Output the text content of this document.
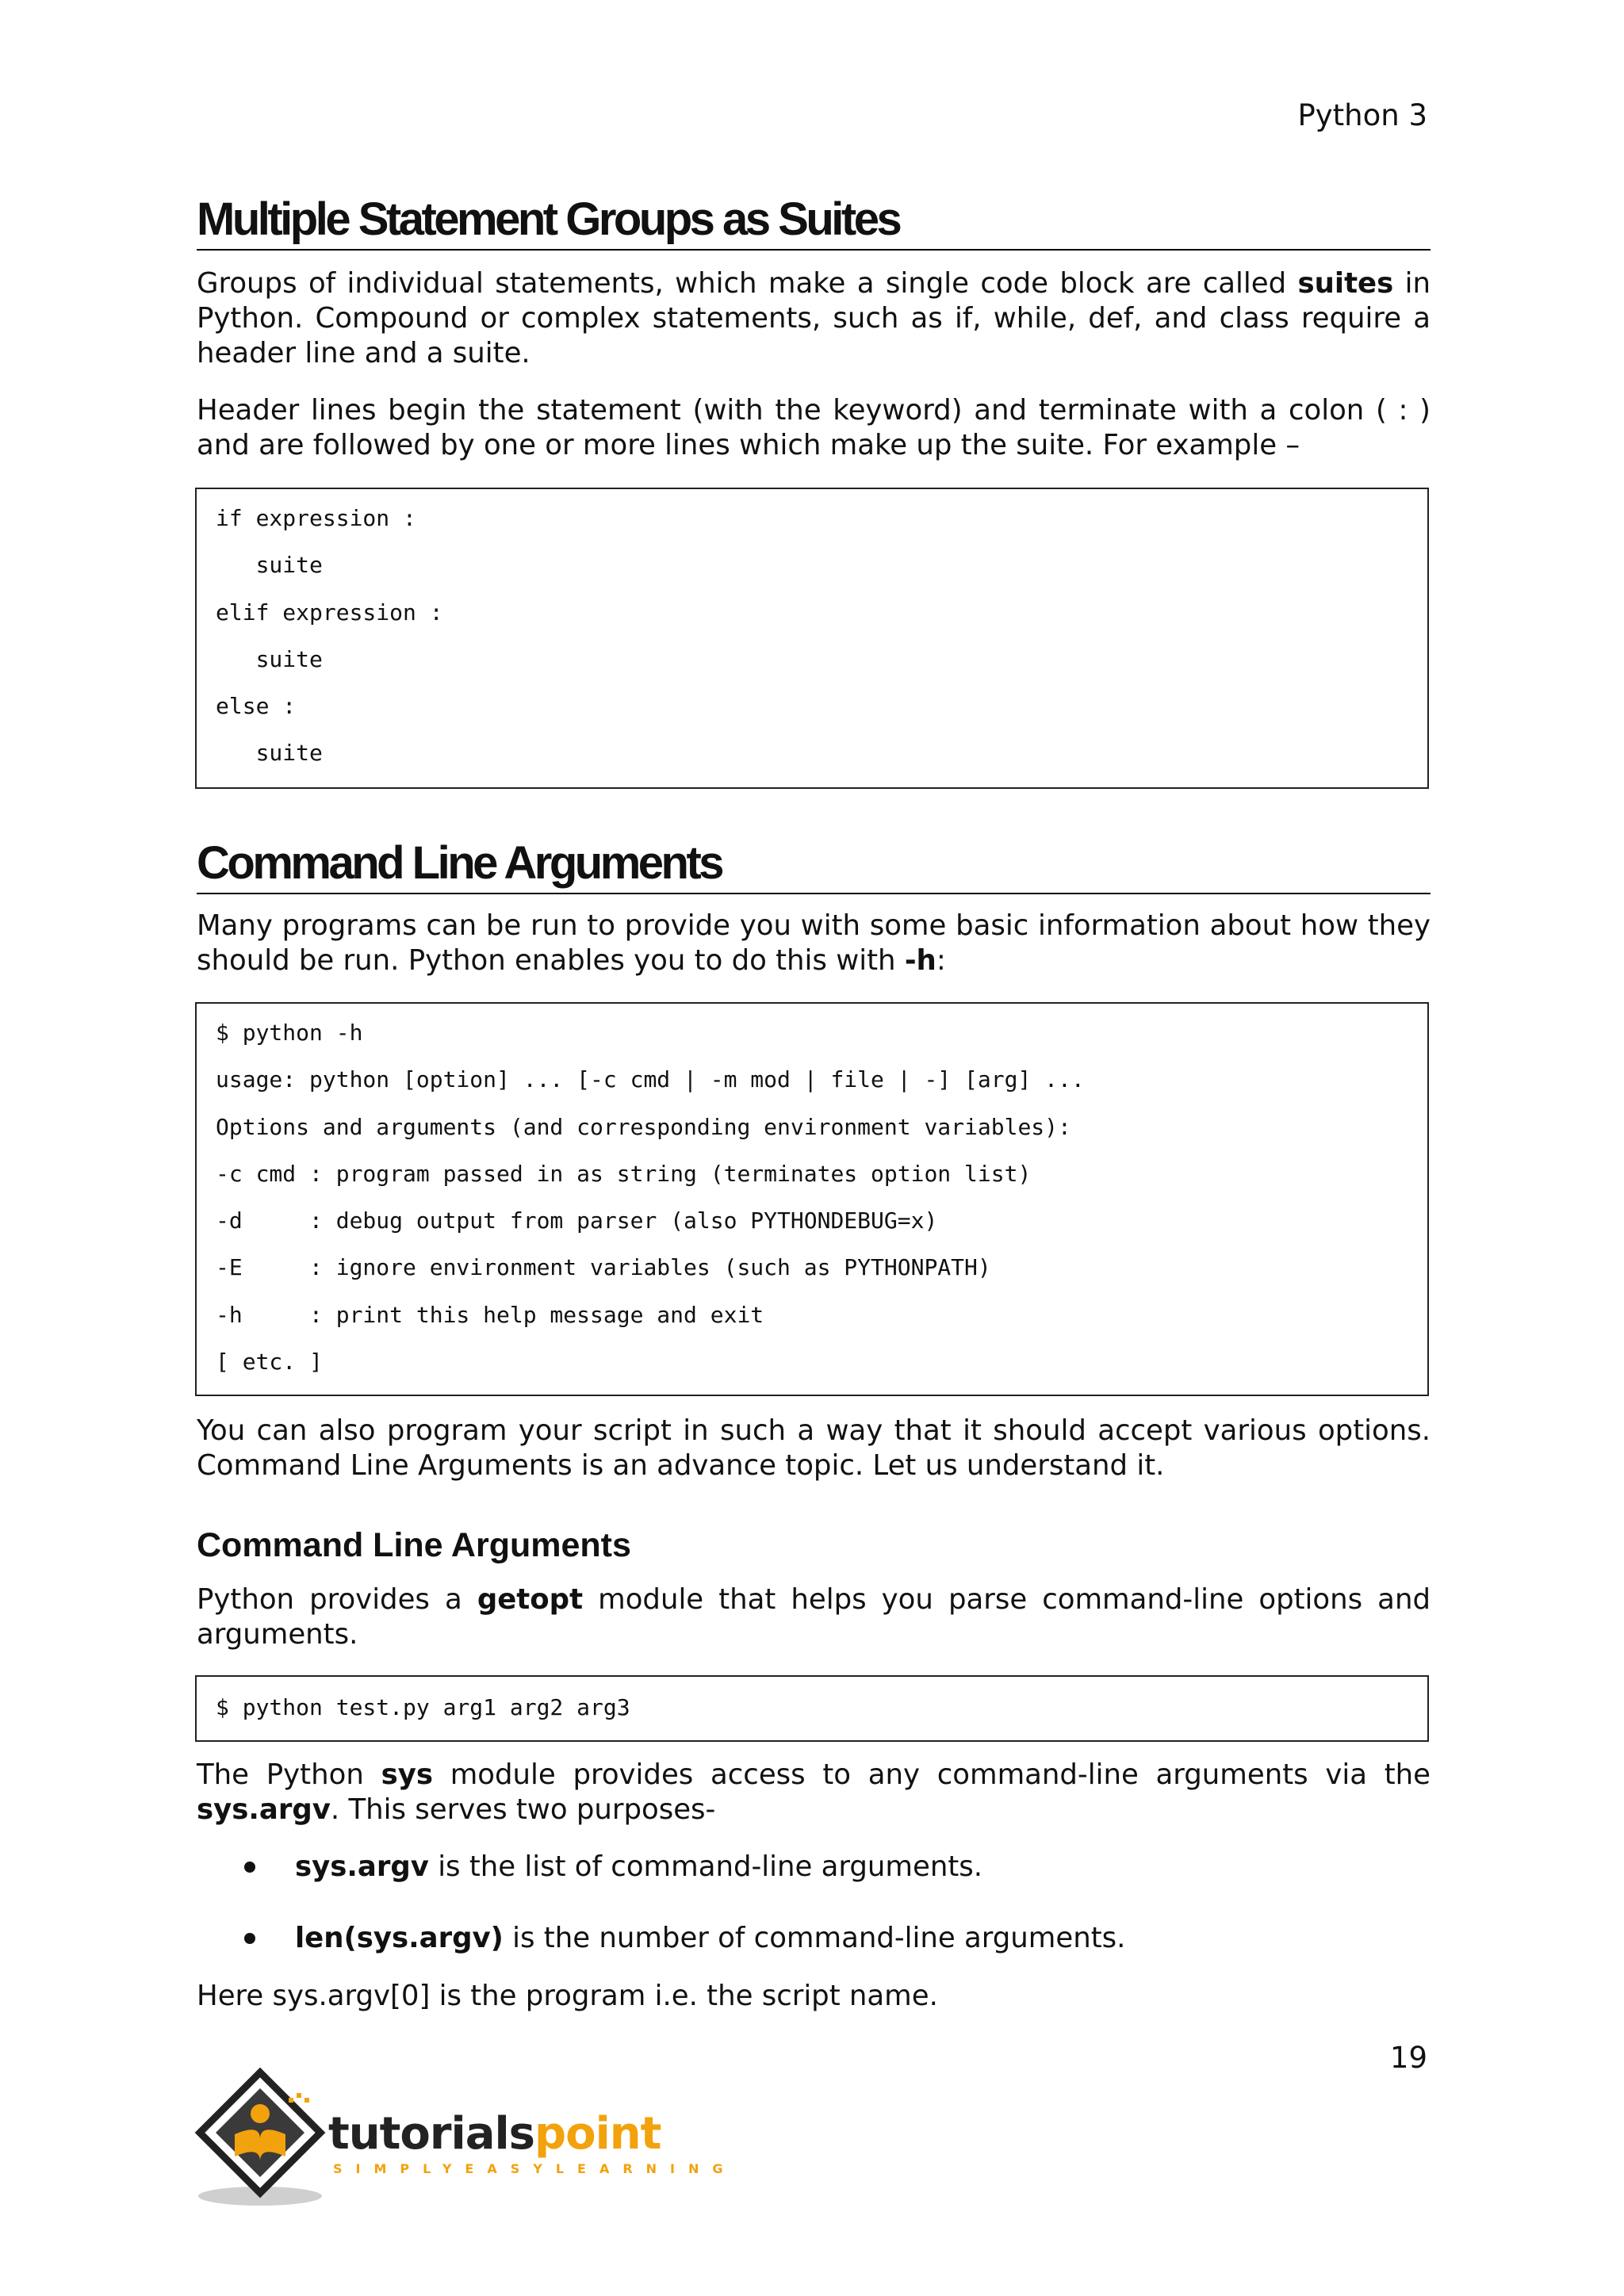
Python 3
Multiple Statement Groups as Suites

Groups of individual statements, which make a single code block are called suites in Python. Compound or complex statements, such as if, while, def, and class require a header line and a suite.

Header lines begin the statement (with the keyword) and terminate with a colon ( : ) and are followed by one or more lines which make up the suite. For example –

if expression :
suite
elif expression :
suite
else :
suite
Command Line Arguments

Many programs can be run to provide you with some basic information about how they should be run. Python enables you to do this with -h:

$ python -h
usage: python [option] ... [-c cmd | -m mod | file | -] [arg] ...
Options and arguments (and corresponding environment variables):
-c cmd : program passed in as string (terminates option list)
-d     : debug output from parser (also PYTHONDEBUG=x)
-E     : ignore environment variables (such as PYTHONPATH)
-h     : print this help message and exit
[ etc. ]

You can also program your script in such a way that it should accept various options. Command Line Arguments is an advance topic. Let us understand it.

Command Line Arguments

Python provides a getopt module that helps you parse command-line options and arguments.

$ python test.py arg1 arg2 arg3

The Python sys module provides access to any command-line arguments via the sys.argv. This serves two purposes-

sys.argv is the list of command-line arguments.
len(sys.argv) is the number of command-line arguments.

Here sys.argv[0] is the program i.e. the script name.

19
tutorialspoint
SIMPLYEASYLEARNING
